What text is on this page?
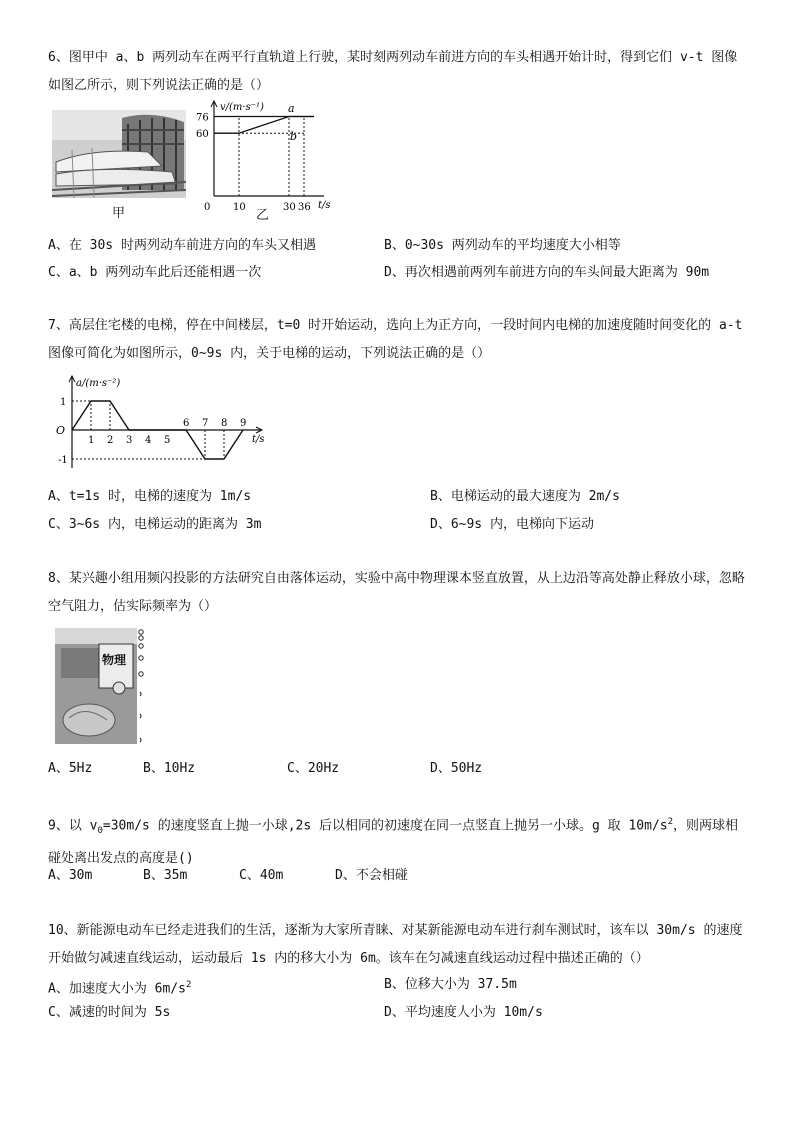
6、图甲中 a、b 两列动车在两平行直轨道上行驶，某时刻两列动车前进方向的车头相遇开始计时，得到它们 v-t 图像如图乙所示，则下列说法正确的是（）
甲
v/(m·s⁻¹)
t/s
0 10	30 36
60
76
a
b
乙
A、在 30s 时两列动车前进方向的车头又相遇	B、0~30s 两列动车的平均速度大小相等
C、a、b 两列动车此后还能相遇一次	D、再次相遇前两列车前进方向的车头间最大距离为 90m
7、高层住宅楼的电梯，停在中间楼层，t=0 时开始运动，选向上为正方向，一段时间内电梯的加速度随时间变化的 a-t 图像可简化为如图所示，0~9s 内，关于电梯的运动，下列说法正确的是（）
a/(m·s⁻²)
t/s
O
1
-1
1 2 3 4 5
6 7 8 9
A、t=1s 时，电梯的速度为 1m/s	B、电梯运动的最大速度为 2m/s
C、3~6s 内，电梯运动的距离为 3m	D、6~9s 内，电梯向下运动
8、某兴趣小组用频闪投影的方法研究自由落体运动，实验中高中物理课本竖直放置，从上边沿等高处静止释放小球，忽略空气阻力，估实际频率为（）
物理
A、5Hz	B、10Hz	C、20Hz	D、50Hz
9、以 $v_0=30m/s$ 的速度竖直上抛一小球,2s 后以相同的初速度在同一点竖直上抛另一小球。g 取 $10m/s^2$，则两球相碰处离出发点的高度是()
A、30m	B、35m	C、40m	D、不会相碰
10、新能源电动车已经走进我们的生活，逐渐为大家所青睐、对某新能源电动车进行刹车测试时，该车以 30m/s 的速度开始做匀减速直线运动，运动最后 1s 内的移大小为 6m。该车在匀减速直线运动过程中描述正确的（）
A、加速度大小为 $6m/s^2$	B、位移大小为 37.5m
C、减速的时间为 5s	D、平均速度人小为 10m/s
